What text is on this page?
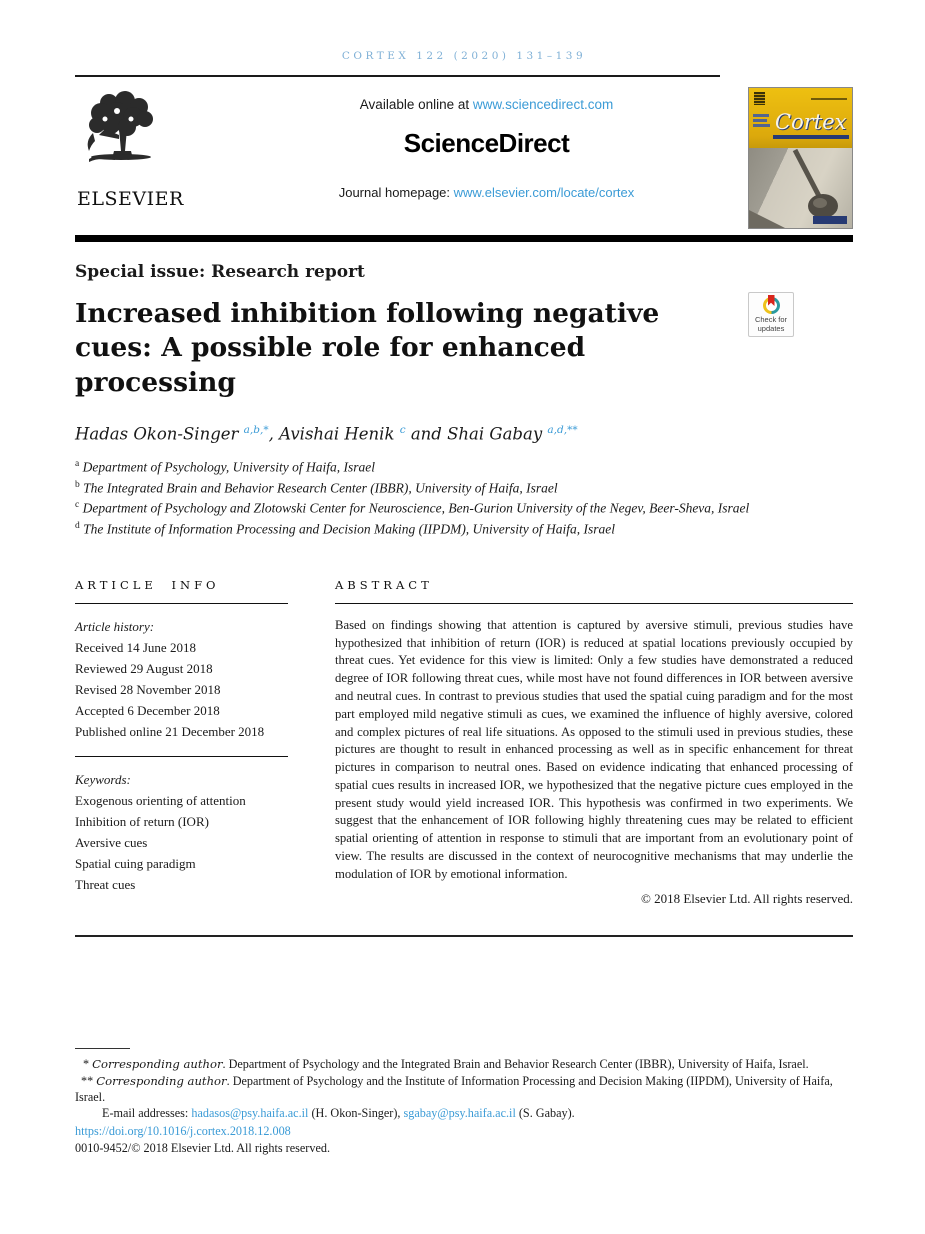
CORTEX 122 (2020) 131–139
ELSEVIER
Available online at www.sciencedirect.com
ScienceDirect
Journal homepage: www.elsevier.com/locate/cortex
Cortex
Special issue: Research report
Increased inhibition following negative cues: A possible role for enhanced processing
Hadas Okon-Singer $^{a,b,*}$, Avishai Henik $^c$ and Shai Gabay $^{a,d,**}$
$^a$ Department of Psychology, University of Haifa, Israel
$^b$ The Integrated Brain and Behavior Research Center (IBBR), University of Haifa, Israel
$^c$ Department of Psychology and Zlotowski Center for Neuroscience, Ben-Gurion University of the Negev, Beer-Sheva, Israel
$^d$ The Institute of Information Processing and Decision Making (IIPDM), University of Haifa, Israel
ARTICLE INFO
Article history:
Received 14 June 2018
Reviewed 29 August 2018
Revised 28 November 2018
Accepted 6 December 2018
Published online 21 December 2018
Keywords:
Exogenous orienting of attention
Inhibition of return (IOR)
Aversive cues
Spatial cuing paradigm
Threat cues
ABSTRACT

Based on findings showing that attention is captured by aversive stimuli, previous studies have hypothesized that inhibition of return (IOR) is reduced at spatial locations previously occupied by threat cues. Yet evidence for this view is limited: Only a few studies have demonstrated a reduced degree of IOR following threat cues, while most have not found differences in IOR between aversive and neutral cues. In contrast to previous studies that used the spatial cuing paradigm and for the most part employed mild negative stimuli as cues, we examined the influence of highly aversive, colored and complex pictures of real life situations. As opposed to the stimuli used in previous studies, these pictures are thought to result in enhanced processing as well as in specific enhancement for threat pictures in comparison to neutral ones. Based on evidence indicating that enhanced processing of spatial cues results in increased IOR, we hypothesized that the negative picture cues employed in the present study would yield increased IOR. This hypothesis was confirmed in two experiments. We suggest that the enhancement of IOR following highly threatening cues may be related to efficient spatial orienting of attention in response to stimuli that are important from an evolutionary point of view. The results are discussed in the context of neurocognitive mechanisms that may underlie the modulation of IOR by emotional information.

© 2018 Elsevier Ltd. All rights reserved.
Check for
updates

* Corresponding author. Department of Psychology and the Integrated Brain and Behavior Research Center (IBBR), University of Haifa, Israel.

** Corresponding author. Department of Psychology and the Institute of Information Processing and Decision Making (IIPDM), University of Haifa, Israel.

E-mail addresses: hadasos@psy.haifa.ac.il (H. Okon-Singer), sgabay@psy.haifa.ac.il (S. Gabay).

https://doi.org/10.1016/j.cortex.2018.12.008

0010-9452/© 2018 Elsevier Ltd. All rights reserved.
